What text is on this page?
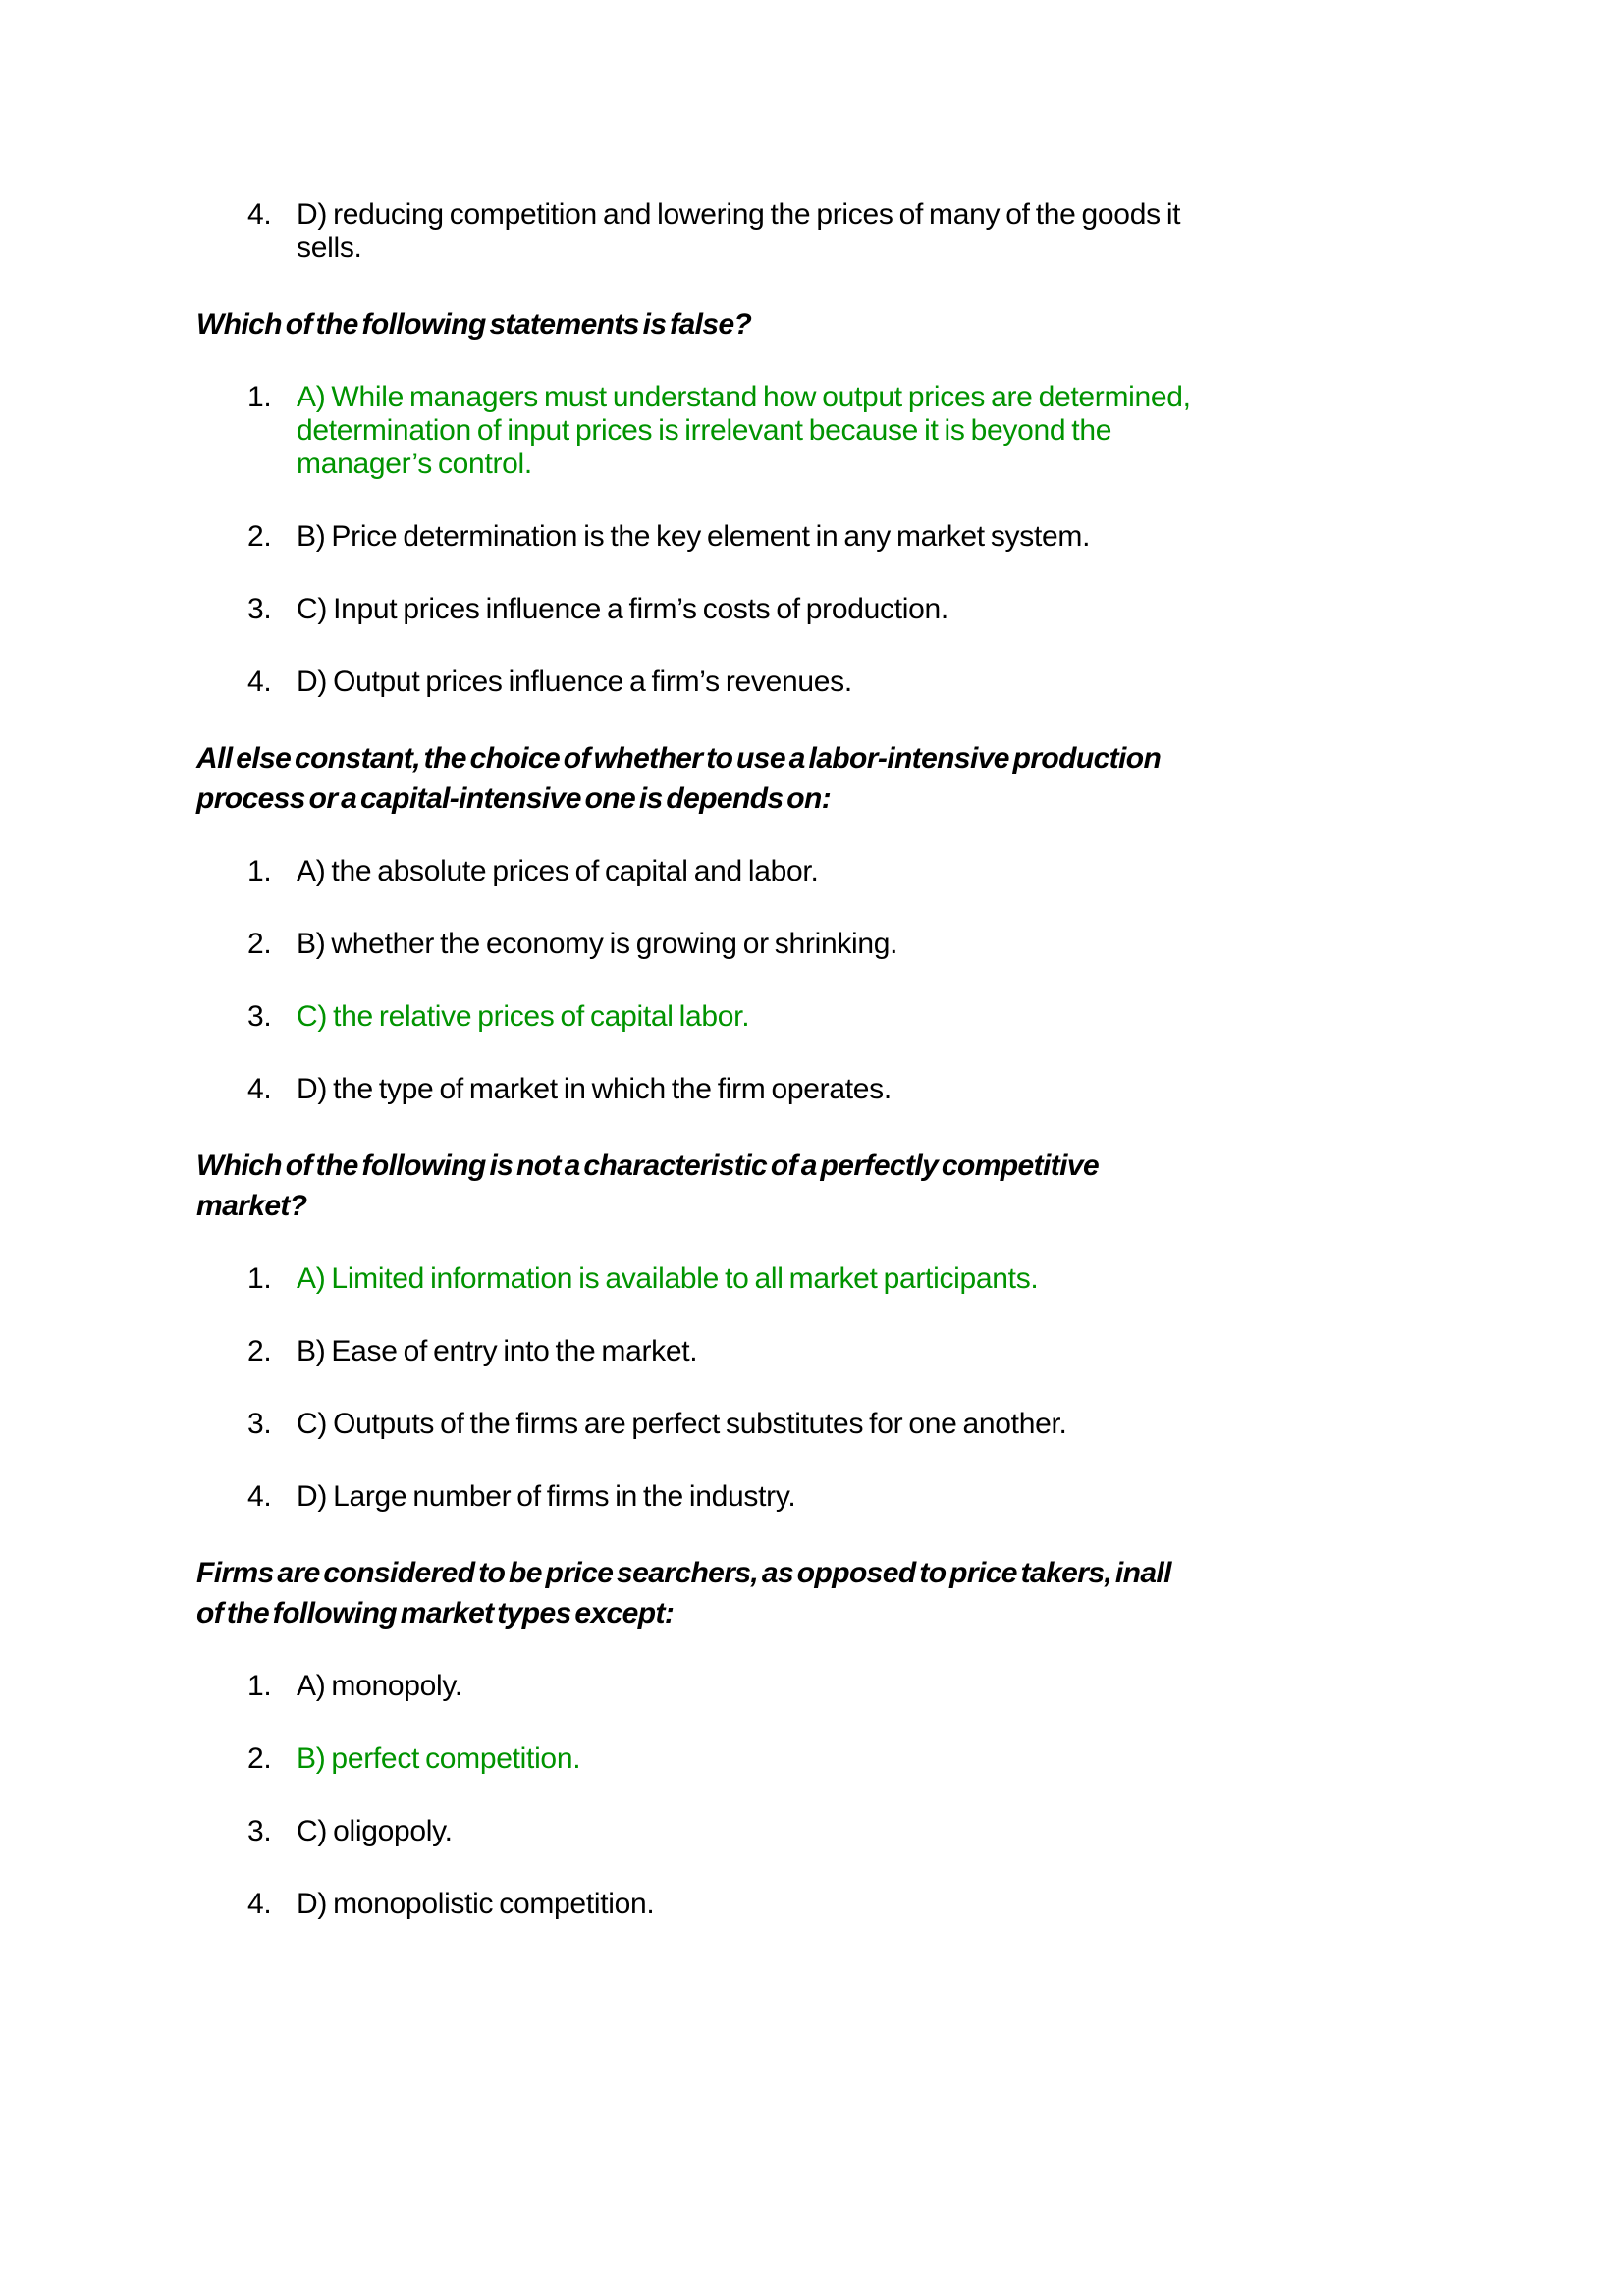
4. D) reducing competition and lowering the prices of many of the goods it
sells.
Which of the following statements is false?
1. A) While managers must understand how output prices are determined,
determination of input prices is irrelevant because it is beyond the
manager’s control.
2. B) Price determination is the key element in any market system.
3. C) Input prices influence a firm’s costs of production.
4. D) Output prices influence a firm’s revenues.
All else constant, the choice of whether to use a labor-intensive production
process or a capital-intensive one is depends on:
1. A) the absolute prices of capital and labor.
2. B) whether the economy is growing or shrinking.
3. C) the relative prices of capital labor.
4. D) the type of market in which the firm operates.
Which of the following is not a characteristic of a perfectly competitive
market?
1. A) Limited information is available to all market participants.
2. B) Ease of entry into the market.
3. C) Outputs of the firms are perfect substitutes for one another.
4. D) Large number of firms in the industry.
Firms are considered to be price searchers, as opposed to price takers, inall
of the following market types except:
1. A) monopoly.
2. B) perfect competition.
3. C) oligopoly.
4. D) monopolistic competition.
